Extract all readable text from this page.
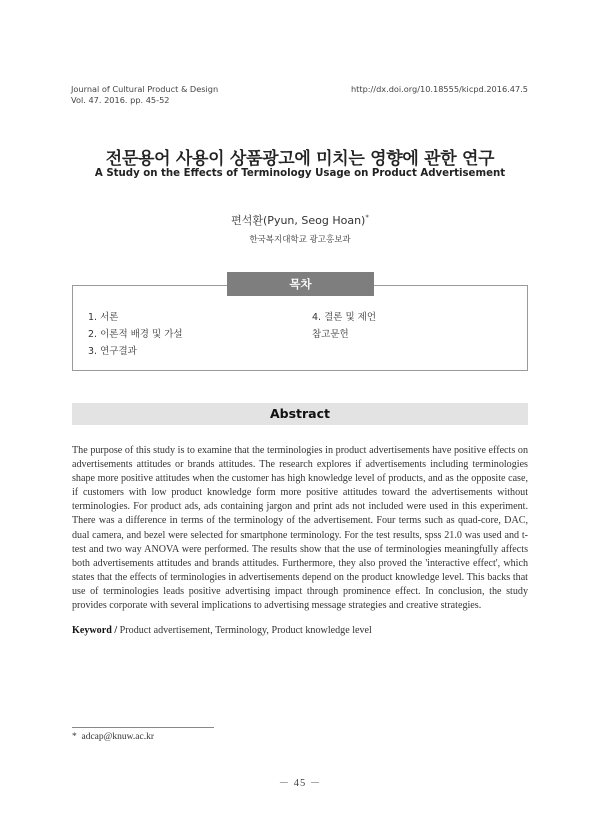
Journal of Cultural Product & Design
Vol. 47. 2016. pp. 45-52
http://dx.doi.org/10.18555/kicpd.2016.47.5
전문용어 사용이 상품광고에 미치는 영향에 관한 연구
A Study on the Effects of Terminology Usage on Product Advertisement
편석환(Pyun, Seog Hoan)*
한국복지대학교 광고홍보과
목차
1. 서론
2. 이론적 배경 및 가설
3. 연구결과
4. 결론 및 제언
참고문헌
Abstract
The purpose of this study is to examine that the terminologies in product advertisements have positive effects on advertisements attitudes or brands attitudes. The research explores if advertisements including terminologies shape more positive attitudes when the customer has high knowledge level of products, and as the opposite case, if customers with low product knowledge form more positive attitudes toward the advertisements without terminologies. For product ads, ads containing jargon and print ads not included were used in this experiment. There was a difference in terms of the terminology of the advertisement. Four terms such as quad-core, DAC, dual camera, and bezel were selected for smartphone terminology. For the test results, spss 21.0 was used and t-test and two way ANOVA were performed. The results show that the use of terminologies meaningfully affects both advertisements attitudes and brands attitudes. Furthermore, they also proved the 'interactive effect', which states that the effects of terminologies in advertisements depend on the product knowledge level. This backs that use of terminologies leads positive advertising impact through prominence effect. In conclusion, the study provides corporate with several implications to advertising message strategies and creative strategies.
Keyword / Product advertisement, Terminology, Product knowledge level
* adcap@knuw.ac.kr
－ 45 －
